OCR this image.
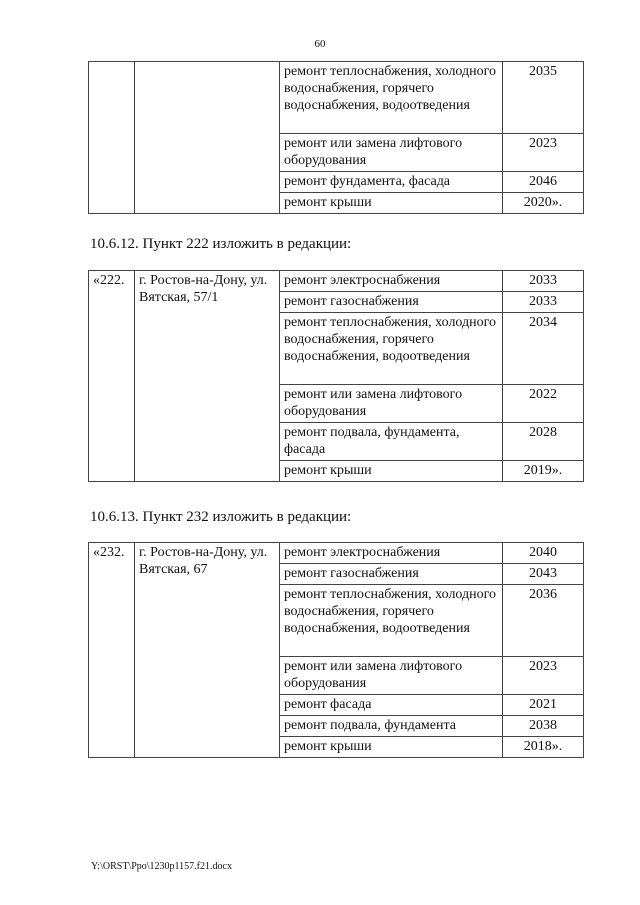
60
		ремонт теплоснабжения, холодного водоснабжения, горячего водоснабжения, водоотведения	2035
		ремонт или замена лифтового оборудования	2023
		ремонт фундамента, фасада	2046
		ремонт крыши	2020».
10.6.12. Пункт 222 изложить в редакции:
«222.	г. Ростов-на-Дону, ул. Вятская, 57/1	ремонт электроснабжения	2033
		ремонт газоснабжения	2033
		ремонт теплоснабжения, холодного водоснабжения, горячего водоснабжения, водоотведения	2034
		ремонт или замена лифтового оборудования	2022
		ремонт подвала, фундамента, фасада	2028
		ремонт крыши	2019».
10.6.13. Пункт 232 изложить в редакции:
«232.	г. Ростов-на-Дону, ул. Вятская, 67	ремонт электроснабжения	2040
		ремонт газоснабжения	2043
		ремонт теплоснабжения, холодного водоснабжения, горячего водоснабжения, водоотведения	2036
		ремонт или замена лифтового оборудования	2023
		ремонт фасада	2021
		ремонт подвала, фундамента	2038
		ремонт крыши	2018».
Y:\ORST\Ppo\1230p1157.f21.docx
